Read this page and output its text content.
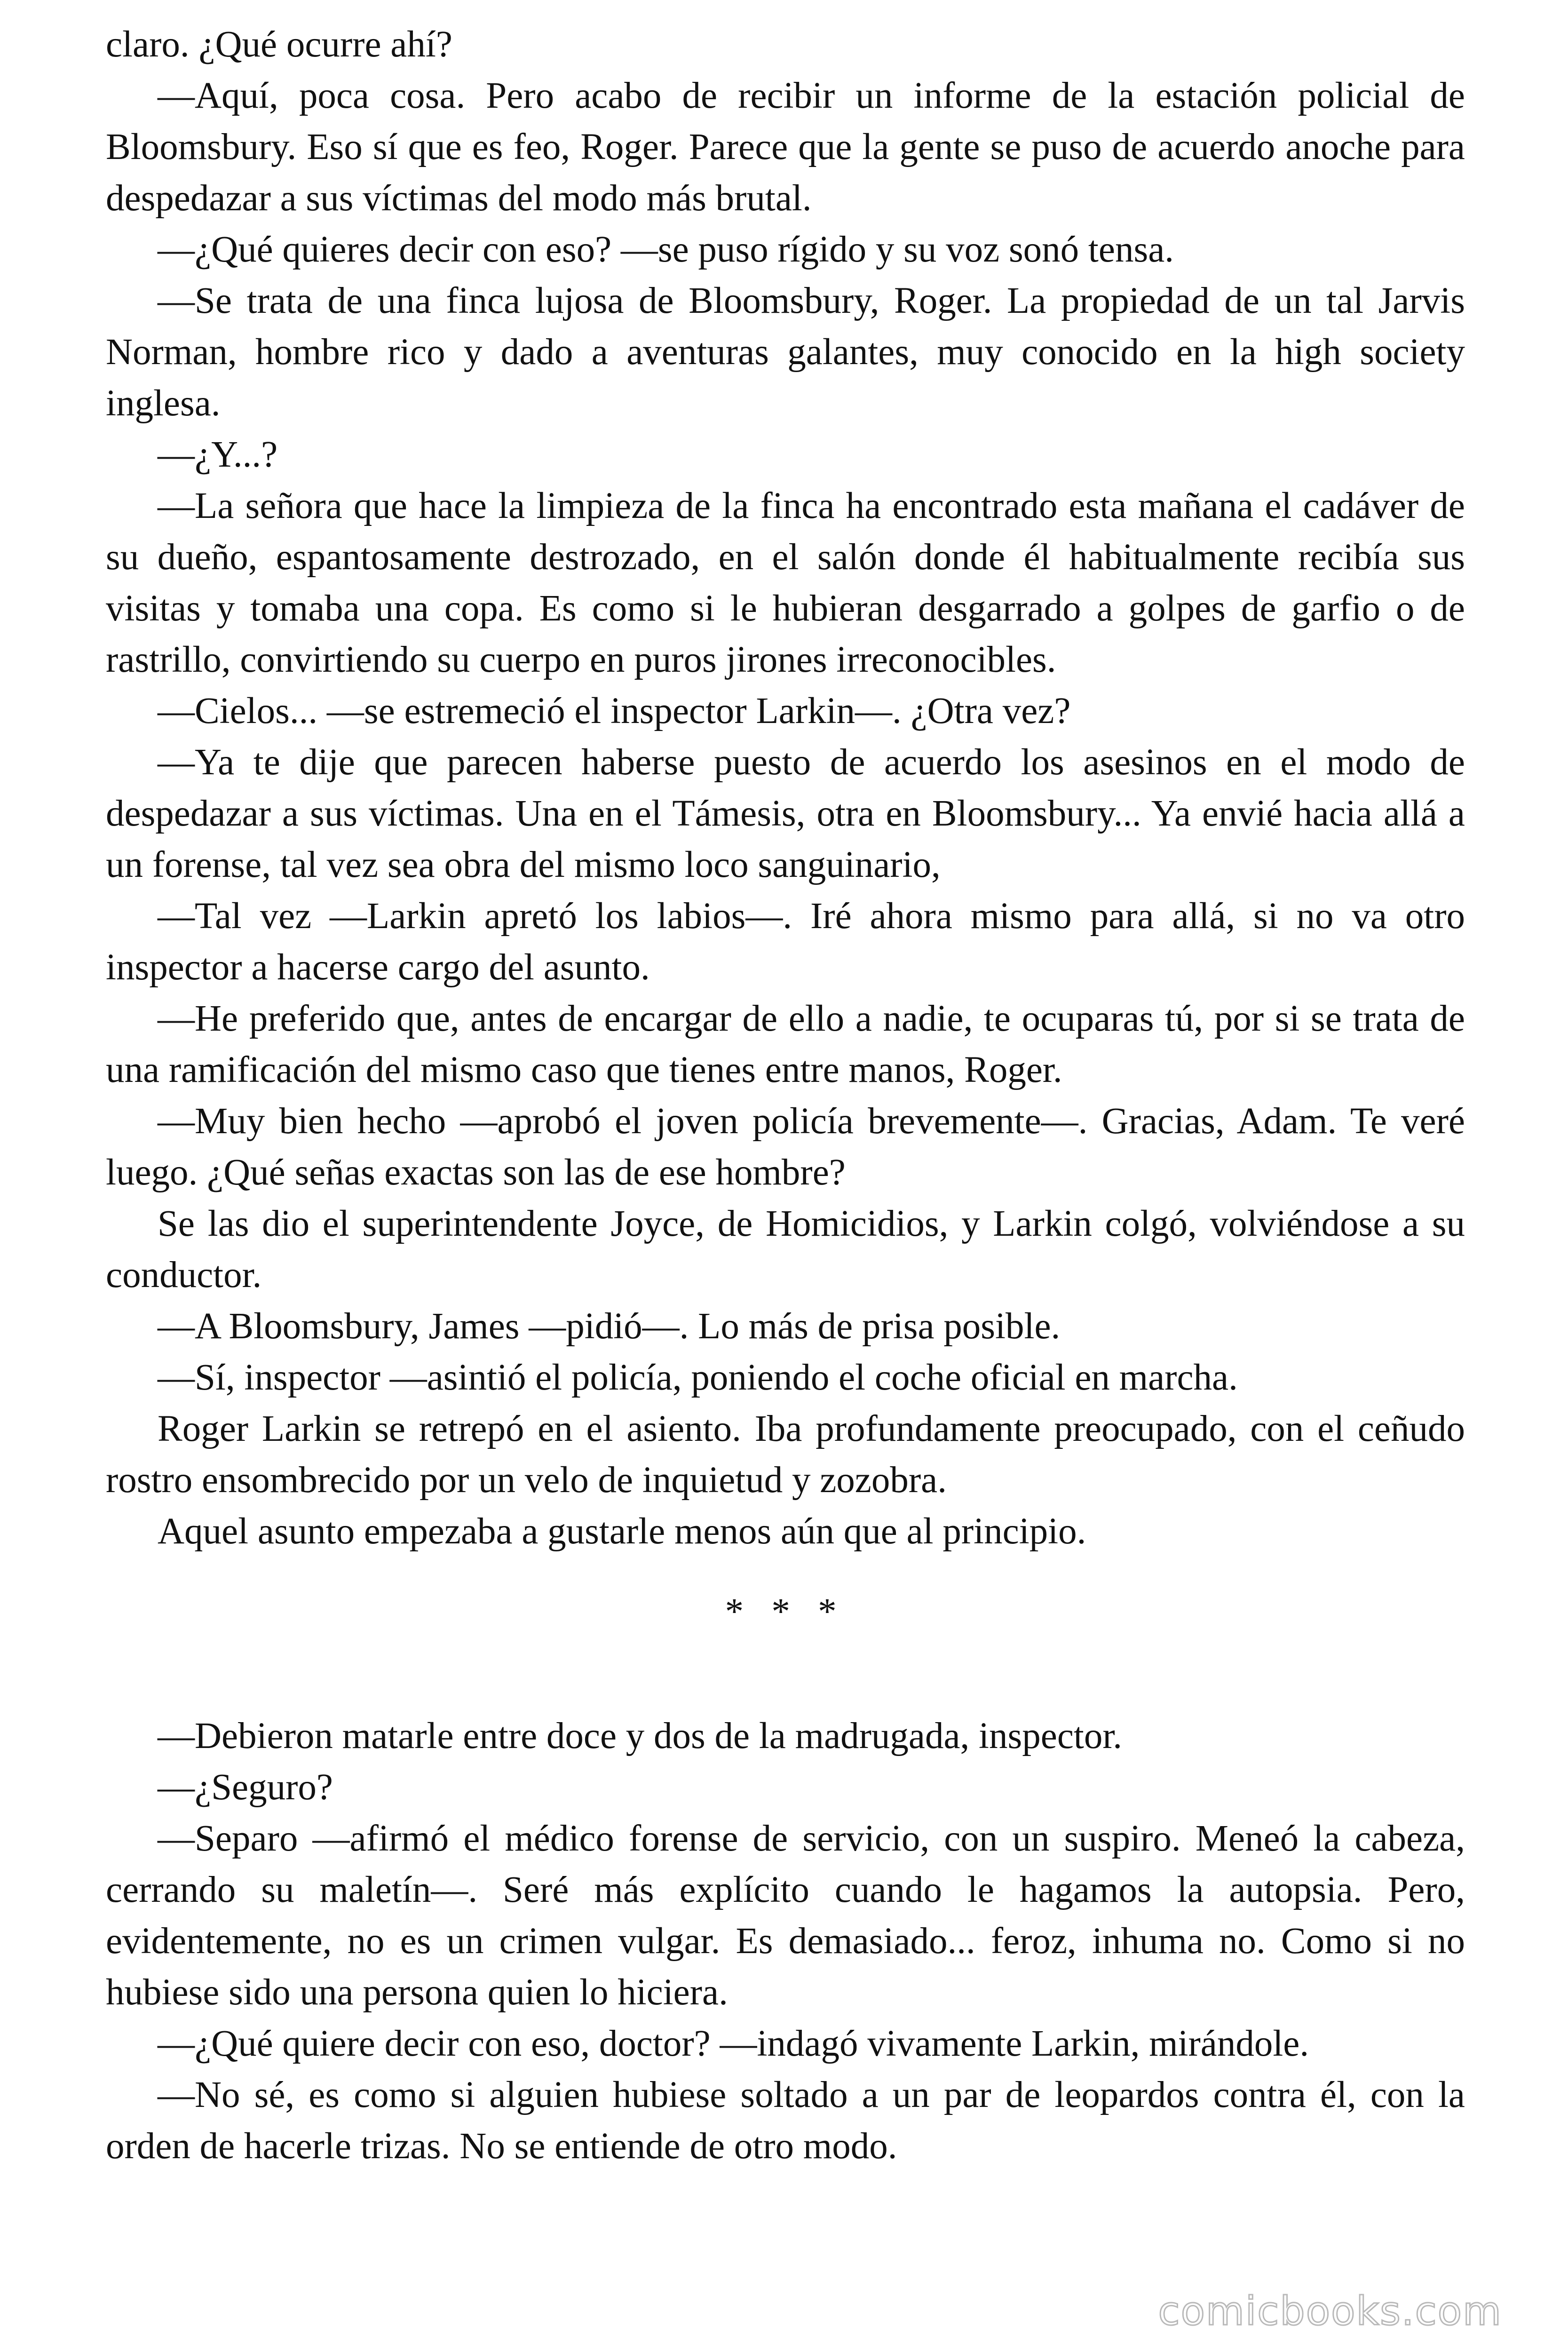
claro. ¿Qué ocurre ahí?

—Aquí, poca cosa. Pero acabo de recibir un informe de la estación policial de Bloomsbury. Eso sí que es feo, Roger. Parece que la gente se puso de acuerdo anoche para despedazar a sus víctimas del modo más brutal.

—¿Qué quieres decir con eso? —se puso rígido y su voz sonó tensa.

—Se trata de una finca lujosa de Bloomsbury, Roger. La propiedad de un tal Jarvis Norman, hombre rico y dado a aventuras galantes, muy conocido en la high society inglesa.

—¿Y...?

—La señora que hace la limpieza de la finca ha encontrado esta mañana el cadáver de su dueño, espantosamente destrozado, en el salón donde él habitualmente recibía sus visitas y tomaba una copa. Es como si le hubieran desgarrado a golpes de garfio o de rastrillo, convirtiendo su cuerpo en puros jirones irreconocibles.

—Cielos... —se estremeció el inspector Larkin—. ¿Otra vez?

—Ya te dije que parecen haberse puesto de acuerdo los asesinos en el modo de despedazar a sus víctimas. Una en el Támesis, otra en Bloomsbury... Ya envié hacia allá a un forense, tal vez sea obra del mismo loco sanguinario,

—Tal vez —Larkin apretó los labios—. Iré ahora mismo para allá, si no va otro inspector a hacerse cargo del asunto.

—He preferido que, antes de encargar de ello a nadie, te ocuparas tú, por si se trata de una ramificación del mismo caso que tienes entre manos, Roger.

—Muy bien hecho —aprobó el joven policía brevemente—. Gracias, Adam. Te veré luego. ¿Qué señas exactas son las de ese hombre?

Se las dio el superintendente Joyce, de Homicidios, y Larkin colgó, volviéndose a su conductor.

—A Bloomsbury, James —pidió—. Lo más de prisa posible.

—Sí, inspector —asintió el policía, poniendo el coche oficial en marcha.

Roger Larkin se retrepó en el asiento. Iba profundamente preocupado, con el ceñudo rostro ensombrecido por un velo de inquietud y zozobra.

Aquel asunto empezaba a gustarle menos aún que al principio.

* * *

—Debieron matarle entre doce y dos de la madrugada, inspector.

—¿Seguro?

—Separo —afirmó el médico forense de servicio, con un suspiro. Meneó la cabeza, cerrando su maletín—. Seré más explícito cuando le hagamos la autopsia. Pero, evidentemente, no es un crimen vulgar. Es demasiado... feroz, inhuma no. Como si no hubiese sido una persona quien lo hiciera.

—¿Qué quiere decir con eso, doctor? —indagó vivamente Larkin, mirándole.

—No sé, es como si alguien hubiese soltado a un par de leopardos contra él, con la orden de hacerle trizas. No se entiende de otro modo.

comicbooks.com
